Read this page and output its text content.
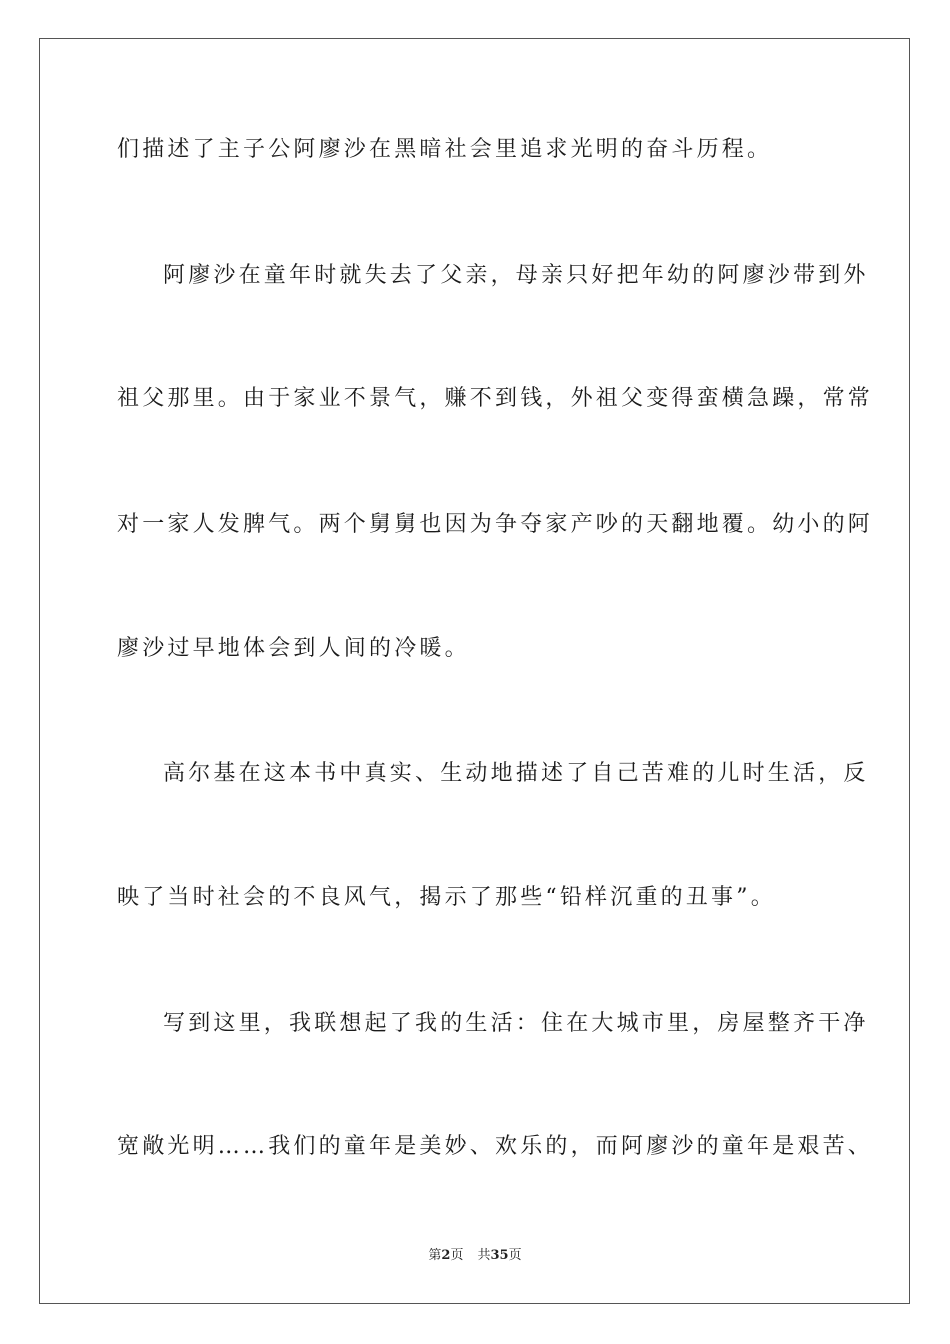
们描述了主子公阿廖沙在黑暗社会里追求光明的奋斗历程。
阿廖沙在童年时就失去了父亲，母亲只好把年幼的阿廖沙带到外
祖父那里。由于家业不景气，赚不到钱，外祖父变得蛮横急躁，常常
对一家人发脾气。两个舅舅也因为争夺家产吵的天翻地覆。幼小的阿
廖沙过早地体会到人间的冷暖。
高尔基在这本书中真实、生动地描述了自己苦难的儿时生活，反
映了当时社会的不良风气，揭示了那些“铅样沉重的丑事”。
写到这里，我联想起了我的生活：住在大城市里，房屋整齐干净
宽敞光明……我们的童年是美妙、欢乐的，而阿廖沙的童年是艰苦、
第2页 共35页
